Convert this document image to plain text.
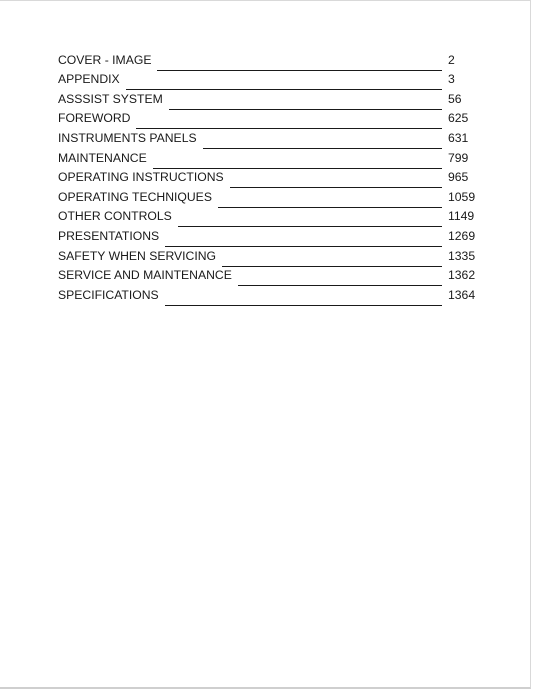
COVER - IMAGE	2
APPENDIX	3
ASSSIST SYSTEM	56
FOREWORD	625
INSTRUMENTS PANELS	631
MAINTENANCE	799
OPERATING INSTRUCTIONS	965
OPERATING TECHNIQUES	1059
OTHER CONTROLS	1149
PRESENTATIONS	1269
SAFETY WHEN SERVICING	1335
SERVICE AND MAINTENANCE	1362
SPECIFICATIONS	1364
